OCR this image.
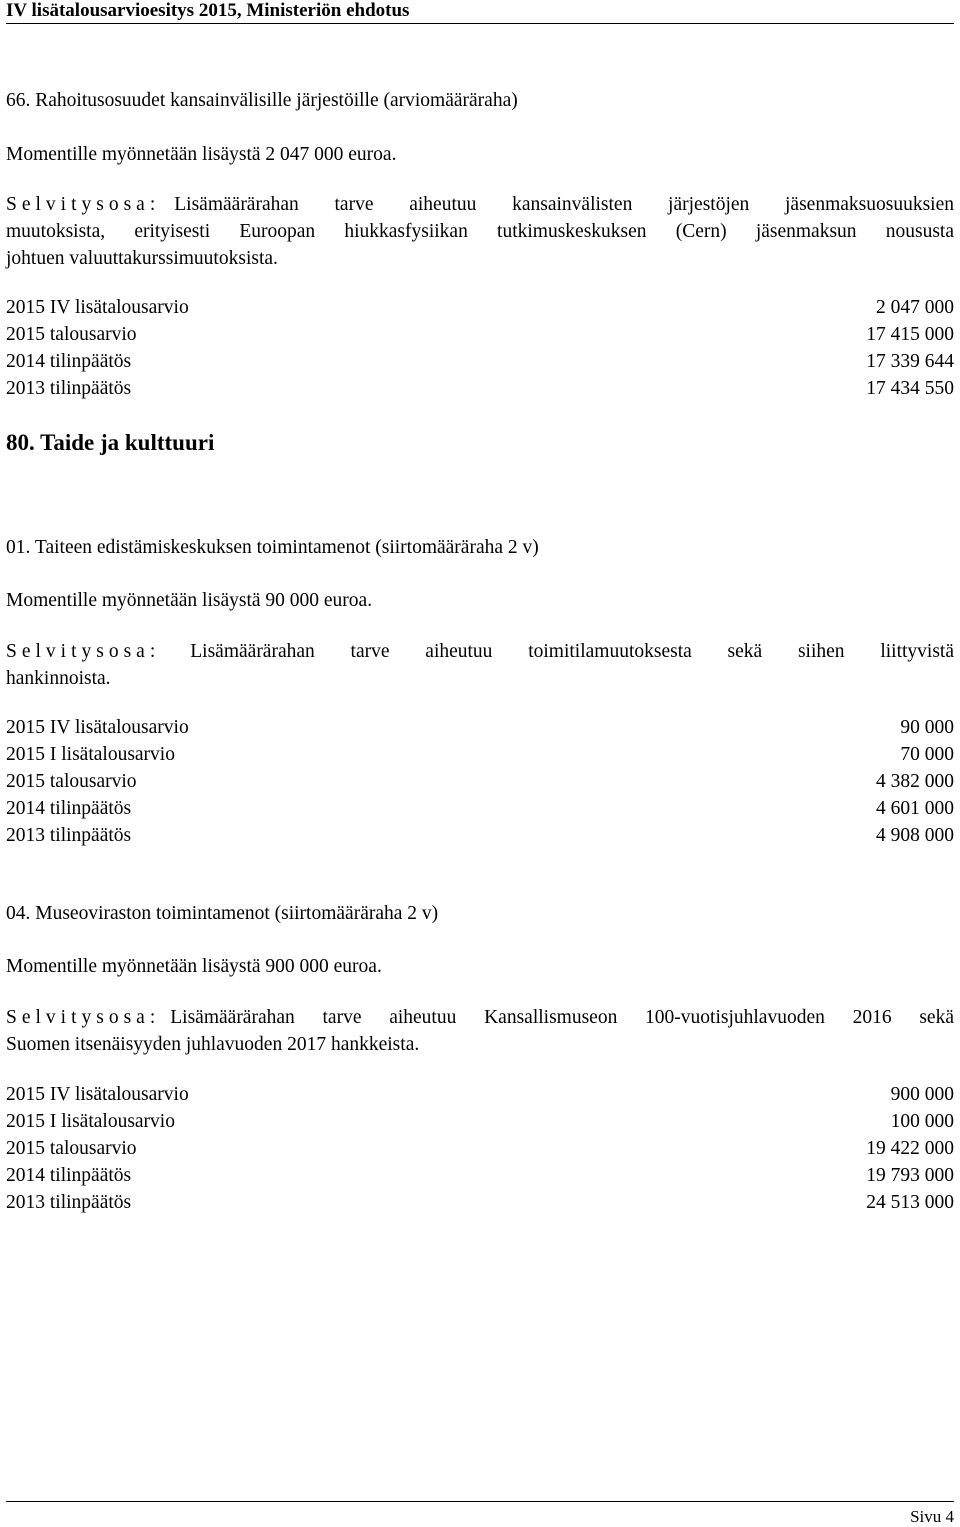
IV lisätalousarvioesitys 2015, Ministeriön ehdotus
66. Rahoitusosuudet kansainvälisille järjestöille (arviomääräraha)
Momentille myönnetään lisäystä 2 047 000 euroa.
Selvitysosa: Lisämäärärahan tarve aiheutuu kansainvälisten järjestöjen jäsenmaksuosuuksien
muutoksista, erityisesti Euroopan hiukkasfysiikan tutkimuskeskuksen (Cern) jäsenmaksun noususta
johtuen valuuttakurssimuutoksista.
2015 IV lisätalousarvio	2 047 000
2015 talousarvio	17 415 000
2014 tilinpäätös	17 339 644
2013 tilinpäätös	17 434 550
80. Taide ja kulttuuri
01. Taiteen edistämiskeskuksen toimintamenot (siirtomääräraha 2 v)
Momentille myönnetään lisäystä 90 000 euroa.
Selvitysosa: Lisämäärärahan tarve aiheutuu toimitilamuutoksesta sekä siihen liittyvistä
hankinnoista.
2015 IV lisätalousarvio	90 000
2015 I lisätalousarvio	70 000
2015 talousarvio	4 382 000
2014 tilinpäätös	4 601 000
2013 tilinpäätös	4 908 000
04. Museoviraston toimintamenot (siirtomääräraha 2 v)
Momentille myönnetään lisäystä 900 000 euroa.
Selvitysosa: Lisämäärärahan tarve aiheutuu Kansallismuseon 100-vuotisjuhlavuoden 2016 sekä
Suomen itsenäisyyden juhlavuoden 2017 hankkeista.
2015 IV lisätalousarvio	900 000
2015 I lisätalousarvio	100 000
2015 talousarvio	19 422 000
2014 tilinpäätös	19 793 000
2013 tilinpäätös	24 513 000
Sivu 4
